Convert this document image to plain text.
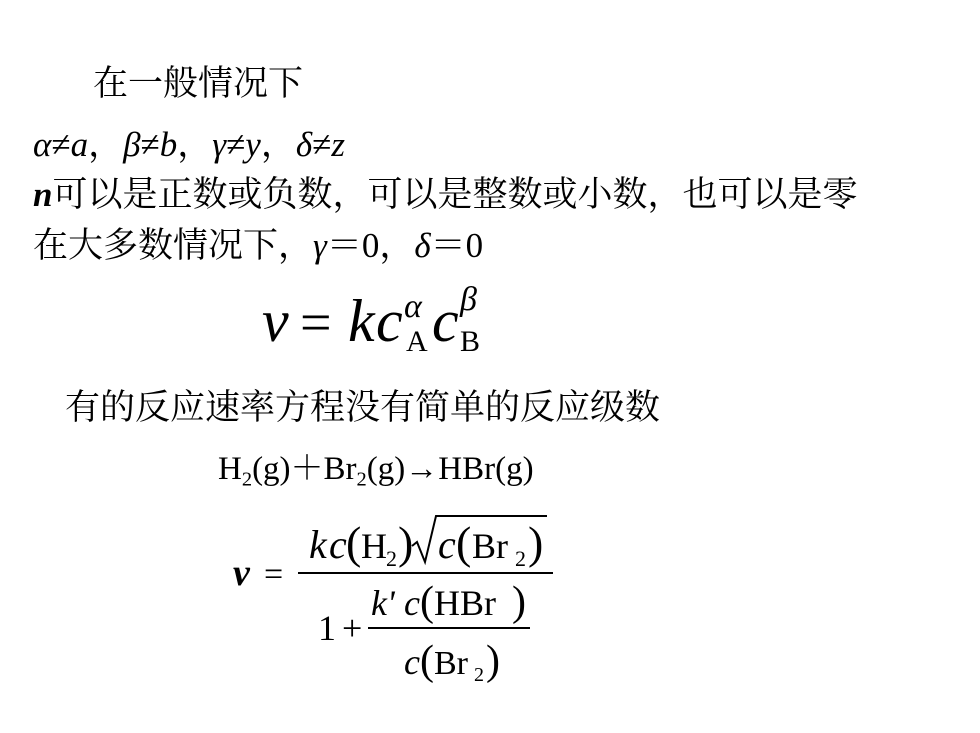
在一般情况下
α≠a，β≠b，γ≠y，δ≠z
n可以是正数或负数，可以是整数或小数，也可以是零
在大多数情况下，γ＝0，δ＝0
v = k c α
A c β
B
有的反应速率方程没有简单的反应级数
$H_2(g)+Br_2(g)\to HBr(g)$
v =
k c ( H 2 ) c ( Br 2 )
1 +
k' c ( HBr )
c ( Br 2 )
